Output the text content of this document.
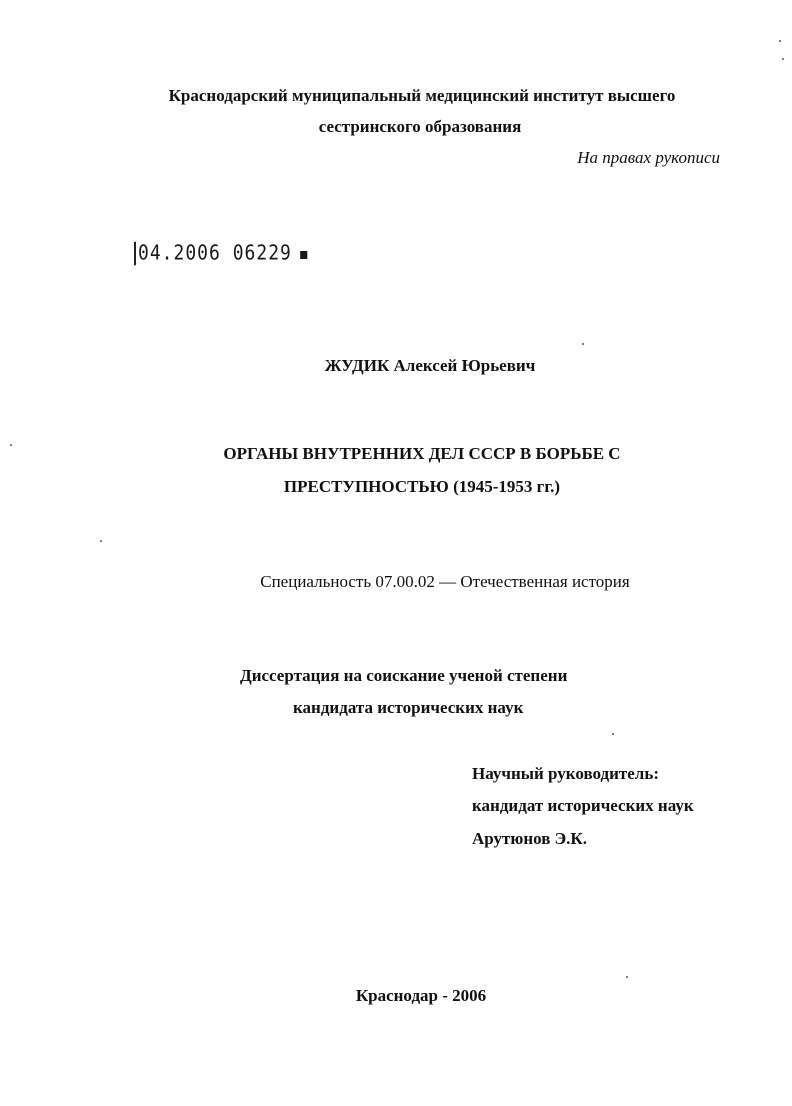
Краснодарский муниципальный медицинский институт высшего
сестринского образования
На правах рукописи
04.2006 06229 ■
ЖУДИК Алексей Юрьевич
ОРГАНЫ ВНУТРЕННИХ ДЕЛ СССР В БОРЬБЕ С
ПРЕСТУПНОСТЬЮ (1945-1953 гг.)
Специальность 07.00.02 — Отечественная история
Диссертация на соискание ученой степени
кандидата исторических наук
Научный руководитель:
кандидат исторических наук
Арутюнов Э.К.
Краснодар - 2006
